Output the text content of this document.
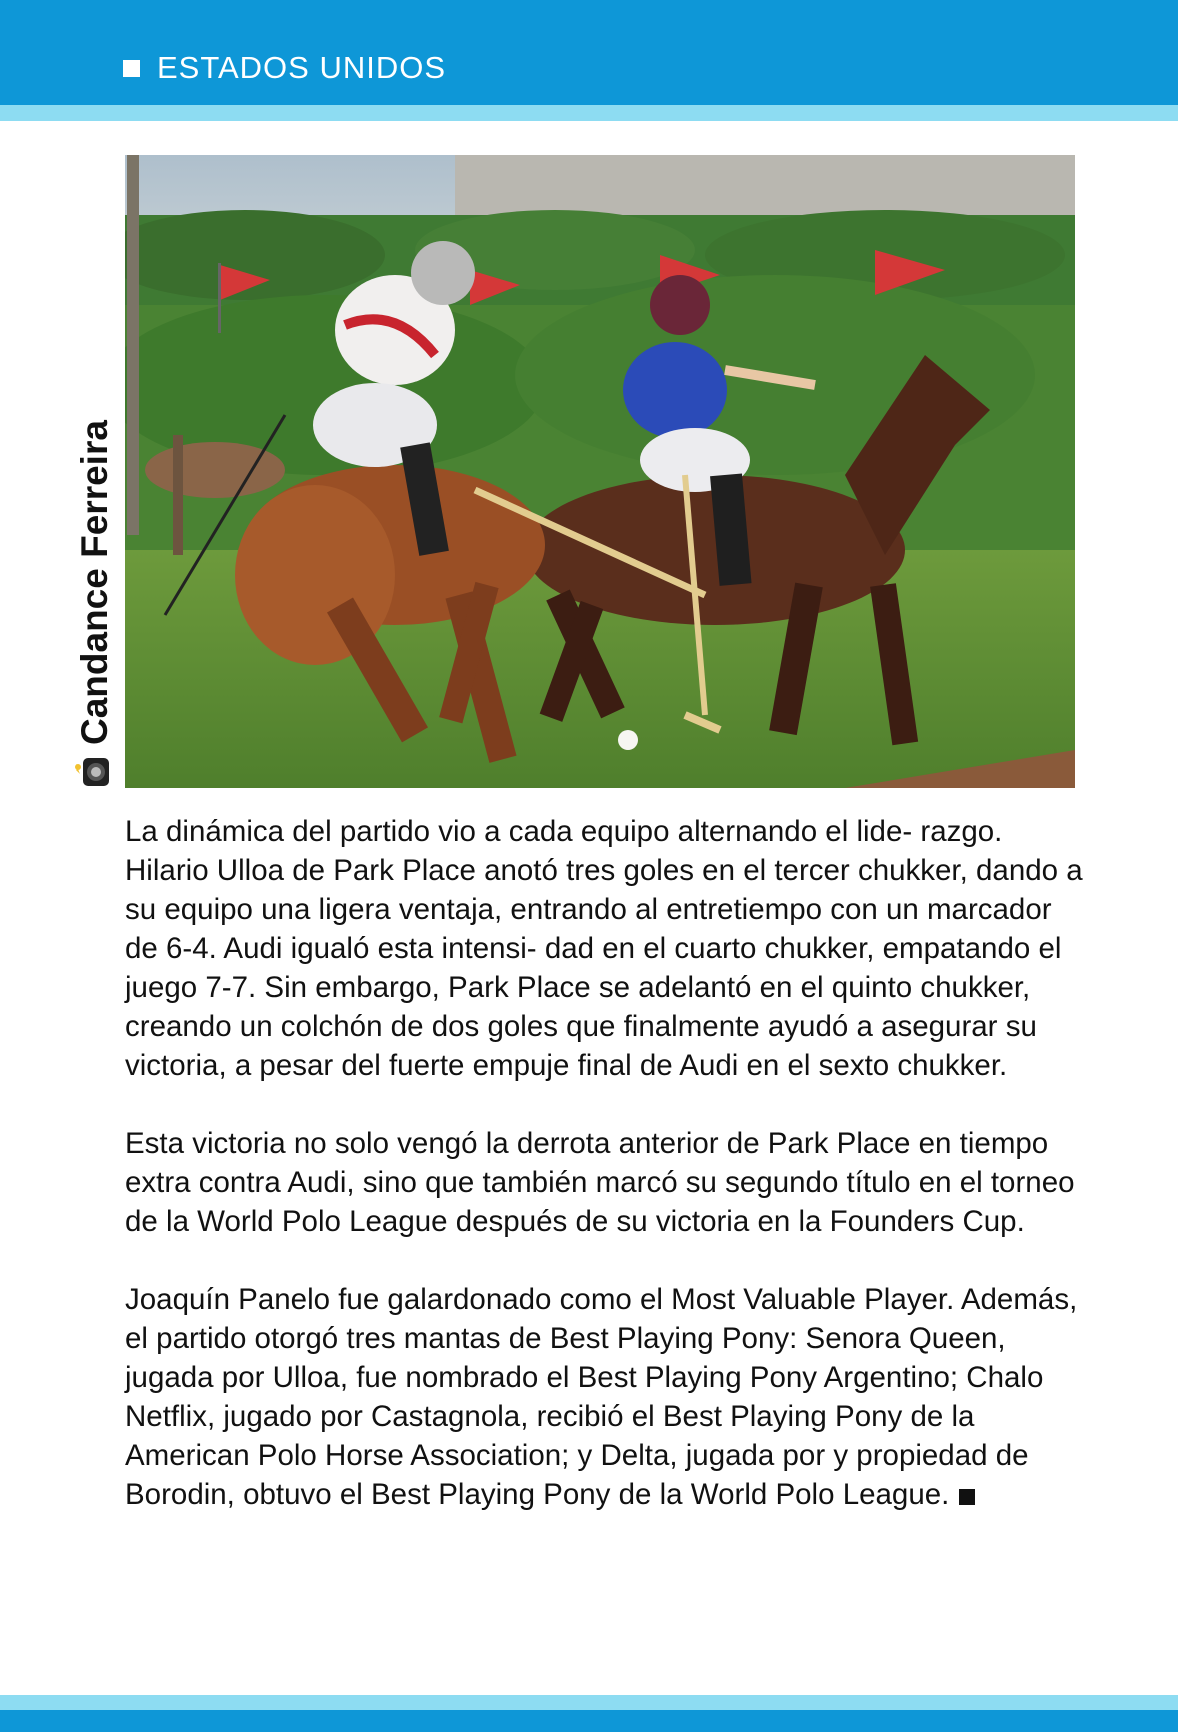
ESTADOS UNIDOS
Candance Ferreira

La dinámica del partido vio a cada equipo alternando el lide- razgo. Hilario Ulloa de Park Place anotó tres goles en el tercer chukker, dando a su equipo una ligera ventaja, entrando al entretiempo con un marcador de 6-4. Audi igualó esta intensi- dad en el cuarto chukker, empatando el juego 7-7. Sin embargo, Park Place se adelantó en el quinto chukker, creando un colchón de dos goles que finalmente ayudó a asegurar su victoria, a pesar del fuerte empuje final de Audi en el sexto chukker.

Esta victoria no solo vengó la derrota anterior de Park Place en tiempo extra contra Audi, sino que también marcó su segundo título en el torneo de la World Polo League después de su victoria en la Founders Cup.

Joaquín Panelo fue galardonado como el Most Valuable Player. Además, el partido otorgó tres mantas de Best Playing Pony: Senora Queen, jugada por Ulloa, fue nombrado el Best Playing Pony Argentino; Chalo Netflix, jugado por Castagnola, recibió el Best Playing Pony de la American Polo Horse Association; y Delta, jugada por y propiedad de Borodin, obtuvo el Best Playing Pony de la World Polo League.
